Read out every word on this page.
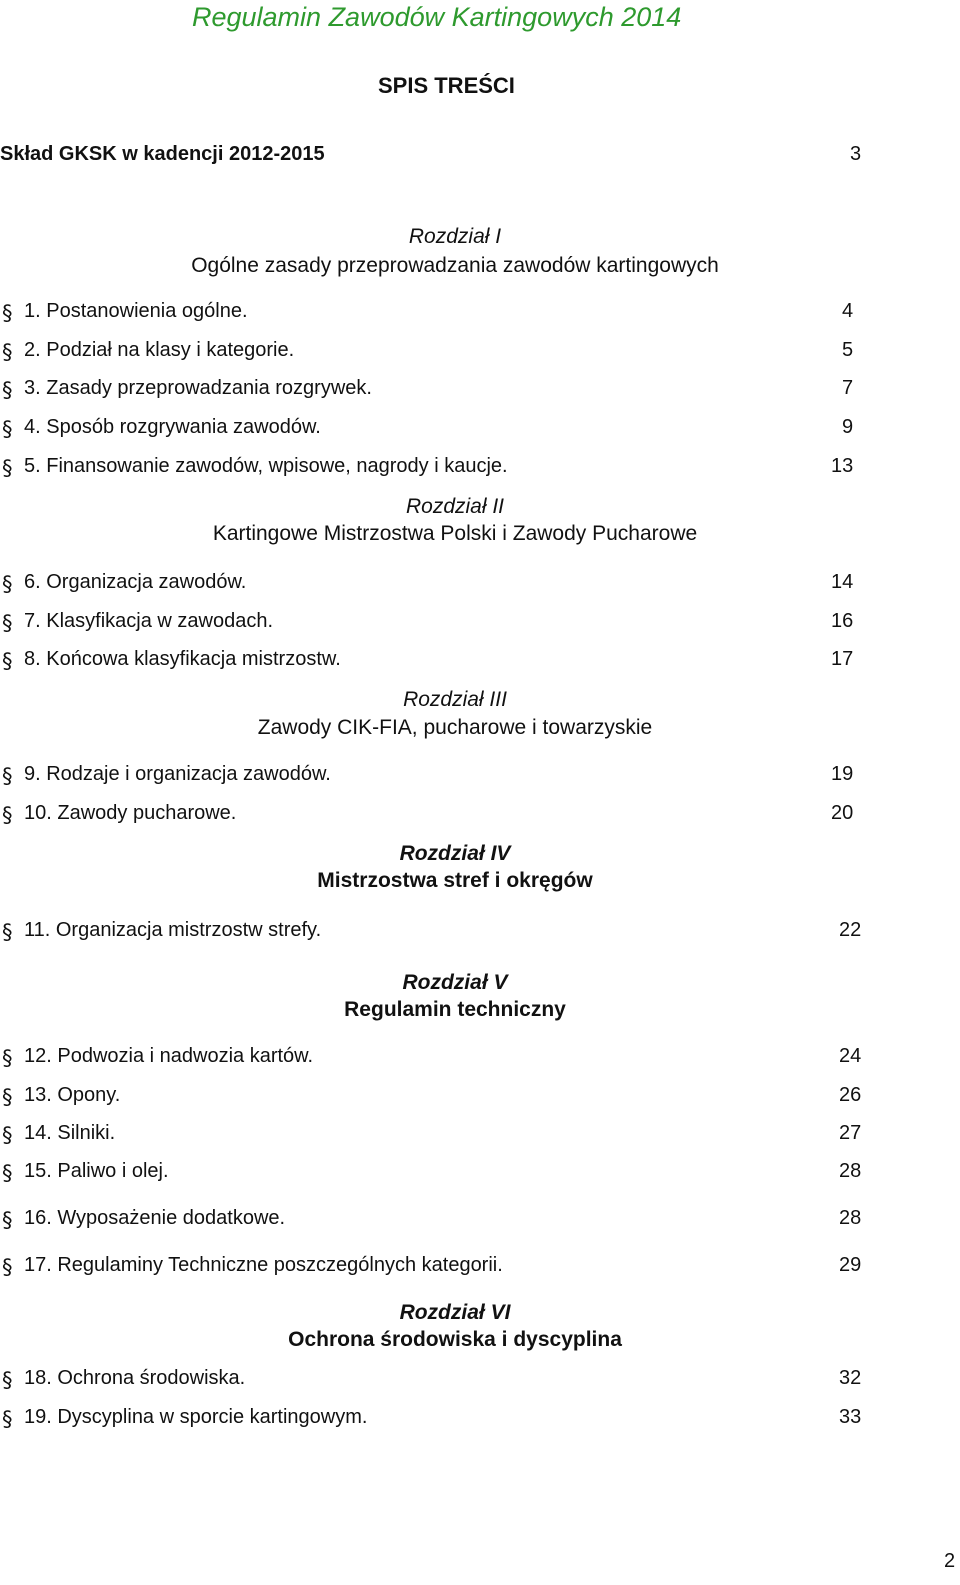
Regulamin Zawodów Kartingowych 2014
SPIS TREŚCI
Skład GKSK w kadencji 2012-2015	3
Rozdział I
Ogólne zasady przeprowadzania zawodów kartingowych
§ 1. Postanowienia ogólne.	4
§ 2. Podział na klasy i kategorie.	5
§ 3. Zasady przeprowadzania rozgrywek.	7
§ 4. Sposób rozgrywania zawodów.	9
§ 5. Finansowanie zawodów, wpisowe, nagrody i kaucje.	13
Rozdział II
Kartingowe Mistrzostwa Polski i Zawody Pucharowe
§ 6. Organizacja zawodów.	14
§ 7. Klasyfikacja w zawodach.	16
§ 8. Końcowa klasyfikacja mistrzostw.	17
Rozdział III
Zawody CIK-FIA, pucharowe i towarzyskie
§ 9. Rodzaje i organizacja zawodów.	19
§ 10. Zawody pucharowe.	20
Rozdział IV
Mistrzostwa stref i okręgów
§ 11. Organizacja mistrzostw strefy.	22
Rozdział V
Regulamin techniczny
§ 12. Podwozia i nadwozia kartów.	24
§ 13. Opony.	26
§ 14. Silniki.	27
§ 15. Paliwo i olej.	28
§ 16. Wyposażenie dodatkowe.	28
§ 17. Regulaminy Techniczne poszczególnych kategorii.	29
Rozdział VI
Ochrona środowiska i dyscyplina
§ 18. Ochrona środowiska.	32
§ 19. Dyscyplina w sporcie kartingowym.	33
2
